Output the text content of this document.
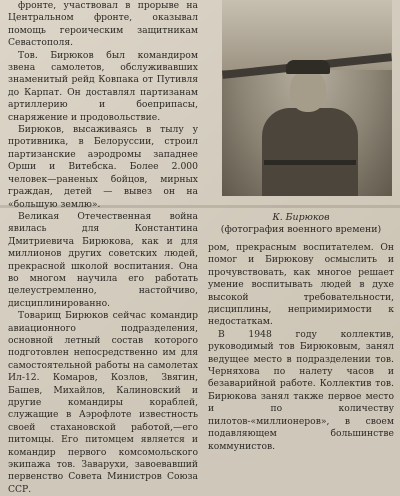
фронте, участвовал в прорыве на Центральном фронте, оказывал помощь героическим защитникам Севастополя.

Тов. Бирюков был командиром звена самолетов, обслуживавших знаменитый рейд Ковпака от Путивля до Карпат. Он доставлял партизанам артиллерию и боеприпасы, снаряжение и продовольствие.

Бирюков, высаживаясь в тылу у противника, в Белоруссии, строил партизанские аэродромы западнее Орши и Витебска. Более 2.000 человек—раненых бойцов, мирных граждан, детей — вывез он на «большую землю».

Великая Отечественная война явилась для Константина Дмитриевича Бирюкова, как и для миллионов других советских людей, прекрасной школой воспитания. Она во многом научила его работать целеустремленно, настойчиво, дисциплинированно.

Товарищ Бирюков сейчас командир авиационного подразделения, основной летный состав которого подготовлен непосредственно им для самостоятельной работы на самолетах Ил-12. Комаров, Козлов, Звягин, Башев, Михайлов, Калиновский и другие командиры кораблей, служащие в Аэрофлоте известность своей стахановской работой,—его питомцы. Его питомцем является и командир первого комсомольского экипажа тов. Заварухи, завоевавший первенство Совета Министров Союза ССР.

К. Бирюков
(фотография военного времени)

ром, прекрасным воспитателем. Он помог и Бирюкову осмыслить и прочувствовать, как многое решает умение воспитывать людей в духе высокой требовательности, дисциплины, непримиримости к недостаткам.

В 1948 году коллектив, руководимый тов Бирюковым, занял ведущее место в подразделении тов. Черняхова по налету часов и безаварийной работе. Коллектив тов. Бирюкова занял также первое место и по количеству пилотов-«миллионеров», в своем подавляющем большинстве коммунистов.
